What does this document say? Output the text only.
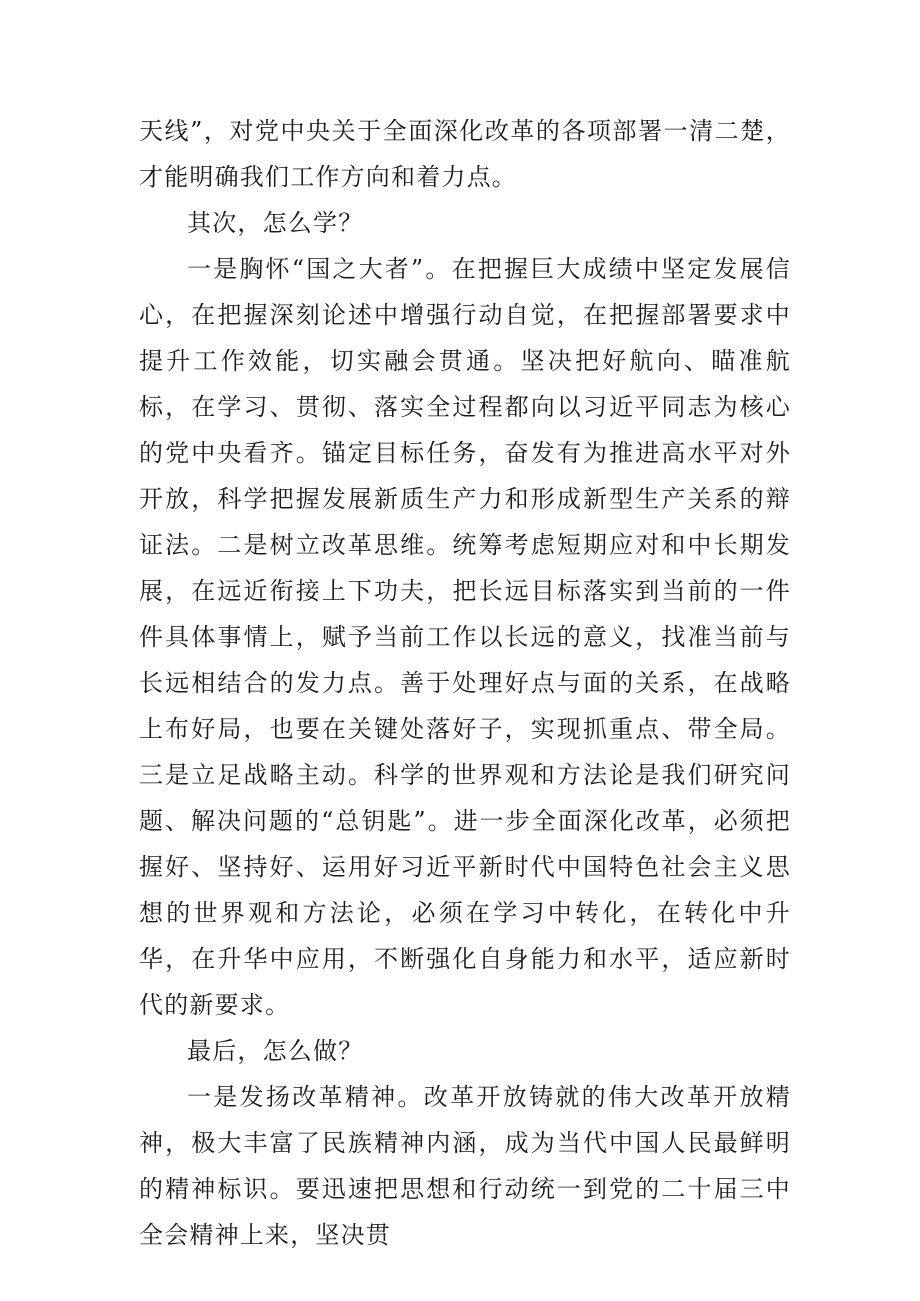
天线”，对党中央关于全面深化改革的各项部署一清二楚，才能明确我们工作方向和着力点。

其次，怎么学？

一是胸怀“国之大者”。在把握巨大成绩中坚定发展信心，在把握深刻论述中增强行动自觉，在把握部署要求中提升工作效能，切实融会贯通。坚决把好航向、瞄准航标，在学习、贯彻、落实全过程都向以习近平同志为核心的党中央看齐。锚定目标任务，奋发有为推进高水平对外开放，科学把握发展新质生产力和形成新型生产关系的辩证法。二是树立改革思维。统筹考虑短期应对和中长期发展，在远近衔接上下功夫，把长远目标落实到当前的一件件具体事情上，赋予当前工作以长远的意义，找准当前与长远相结合的发力点。善于处理好点与面的关系，在战略上布好局，也要在关键处落好子，实现抓重点、带全局。三是立足战略主动。科学的世界观和方法论是我们研究问题、解决问题的“总钥匙”。进一步全面深化改革，必须把握好、坚持好、运用好习近平新时代中国特色社会主义思想的世界观和方法论，必须在学习中转化，在转化中升华，在升华中应用，不断强化自身能力和水平，适应新时代的新要求。

最后，怎么做？

一是发扬改革精神。改革开放铸就的伟大改革开放精神，极大丰富了民族精神内涵，成为当代中国人民最鲜明的精神标识。要迅速把思想和行动统一到党的二十届三中全会精神上来，坚决贯
